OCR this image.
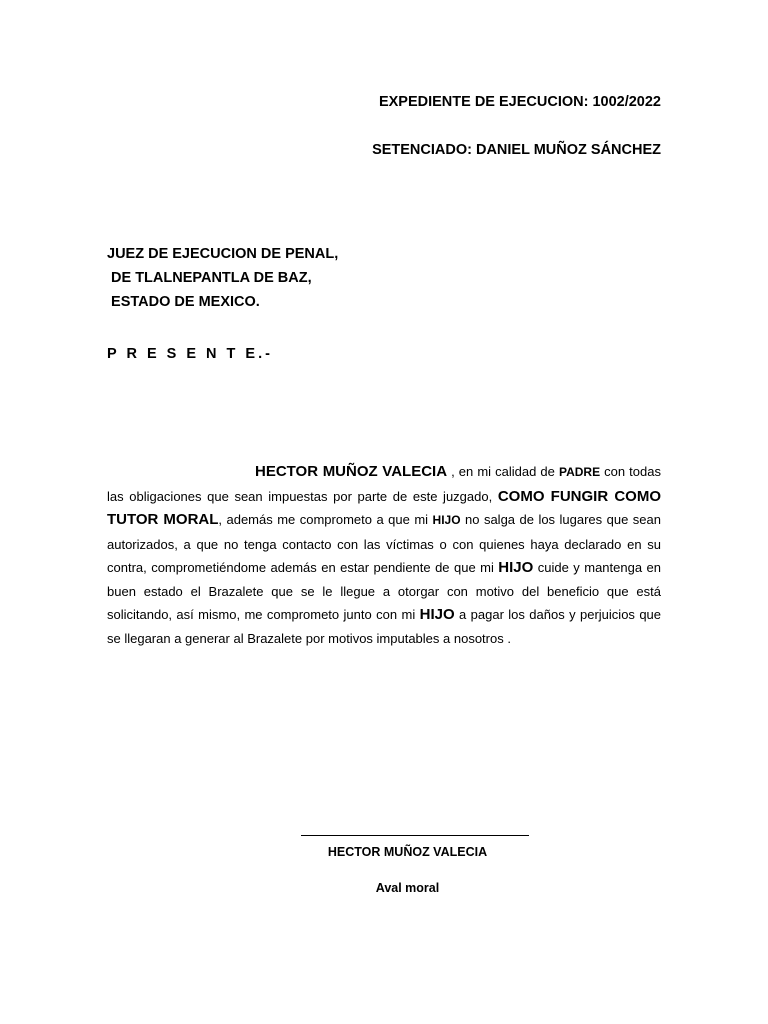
EXPEDIENTE DE EJECUCION: 1002/2022
SETENCIADO: DANIEL MUÑOZ SÁNCHEZ
JUEZ DE EJECUCION DE PENAL,
DE TLALNEPANTLA DE BAZ,
ESTADO DE MEXICO.
P R E S E N T E.-
HECTOR MUÑOZ VALECIA , en mi calidad de PADRE con todas las obligaciones que sean impuestas por parte de este juzgado, COMO FUNGIR COMO TUTOR MORAL, además me comprometo a que mi HIJO no salga de los lugares que sean autorizados, a que no tenga contacto con las víctimas o con quienes haya declarado en su contra, comprometiéndome además en estar pendiente de que mi HIJO cuide y mantenga en buen estado el Brazalete que se le llegue a otorgar con motivo del beneficio que está solicitando, así mismo, me comprometo junto con mi HIJO a pagar los daños y perjuicios que se llegaran a generar al Brazalete por motivos imputables a nosotros .
HECTOR MUÑOZ VALECIA
Aval moral
